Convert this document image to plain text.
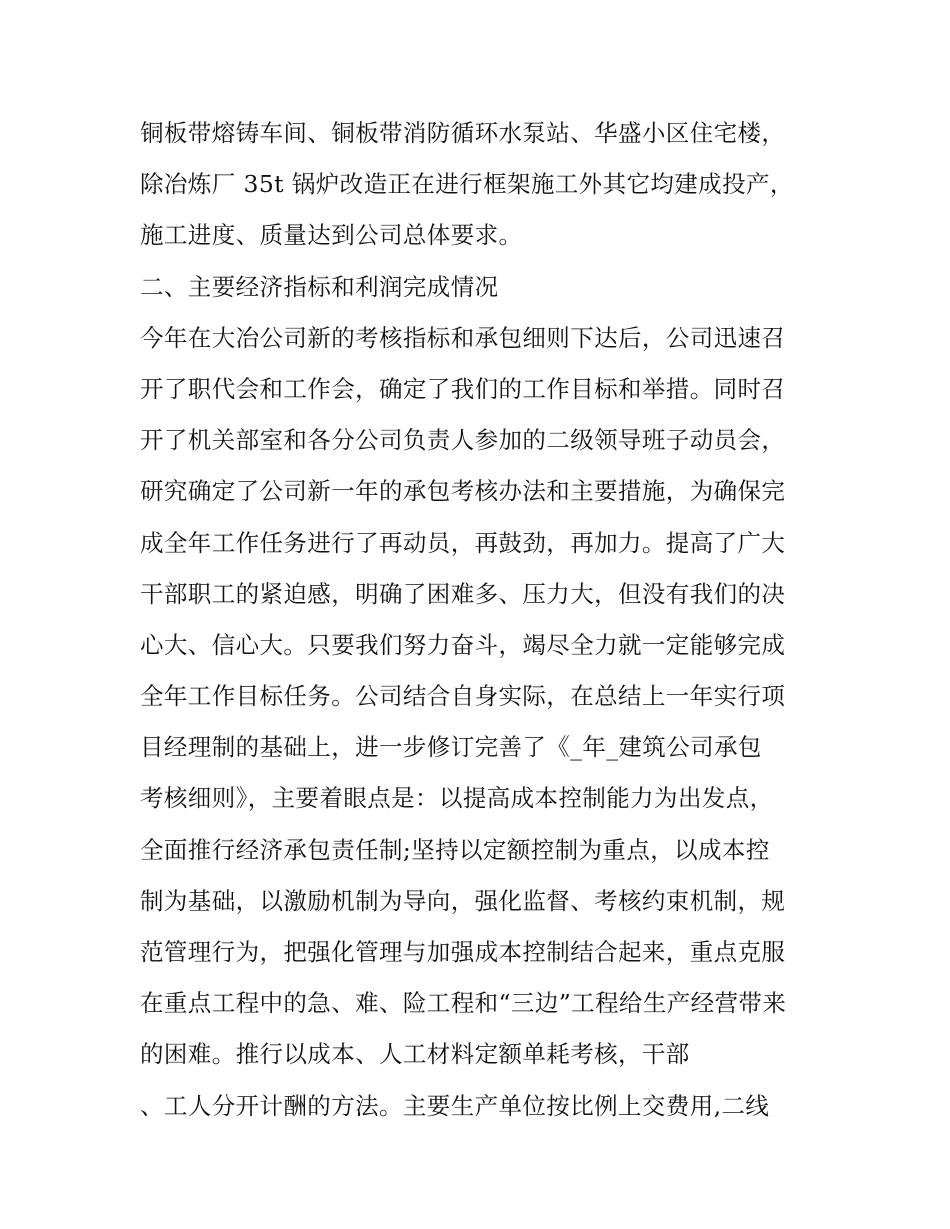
铜板带熔铸车间、铜板带消防循环水泵站、华盛小区住宅楼，
除冶炼厂 35t 锅炉改造正在进行框架施工外其它均建成投产，
施工进度、质量达到公司总体要求。
二、主要经济指标和利润完成情况
今年在大冶公司新的考核指标和承包细则下达后，公司迅速召
开了职代会和工作会，确定了我们的工作目标和举措。同时召
开了机关部室和各分公司负责人参加的二级领导班子动员会，
研究确定了公司新一年的承包考核办法和主要措施，为确保完
成全年工作任务进行了再动员，再鼓劲，再加力。提高了广大
干部职工的紧迫感，明确了困难多、压力大，但没有我们的决
心大、信心大。只要我们努力奋斗，竭尽全力就一定能够完成
全年工作目标任务。公司结合自身实际，在总结上一年实行项
目经理制的基础上，进一步修订完善了《_年_建筑公司承包
考核细则》，主要着眼点是：以提高成本控制能力为出发点，
全面推行经济承包责任制;坚持以定额控制为重点，以成本控
制为基础，以激励机制为导向，强化监督、考核约束机制，规
范管理行为，把强化管理与加强成本控制结合起来，重点克服
在重点工程中的急、难、险工程和“三边”工程给生产经营带来
的困难。推行以成本、人工材料定额单耗考核，干部
、工人分开计酬的方法。主要生产单位按比例上交费用,二线
